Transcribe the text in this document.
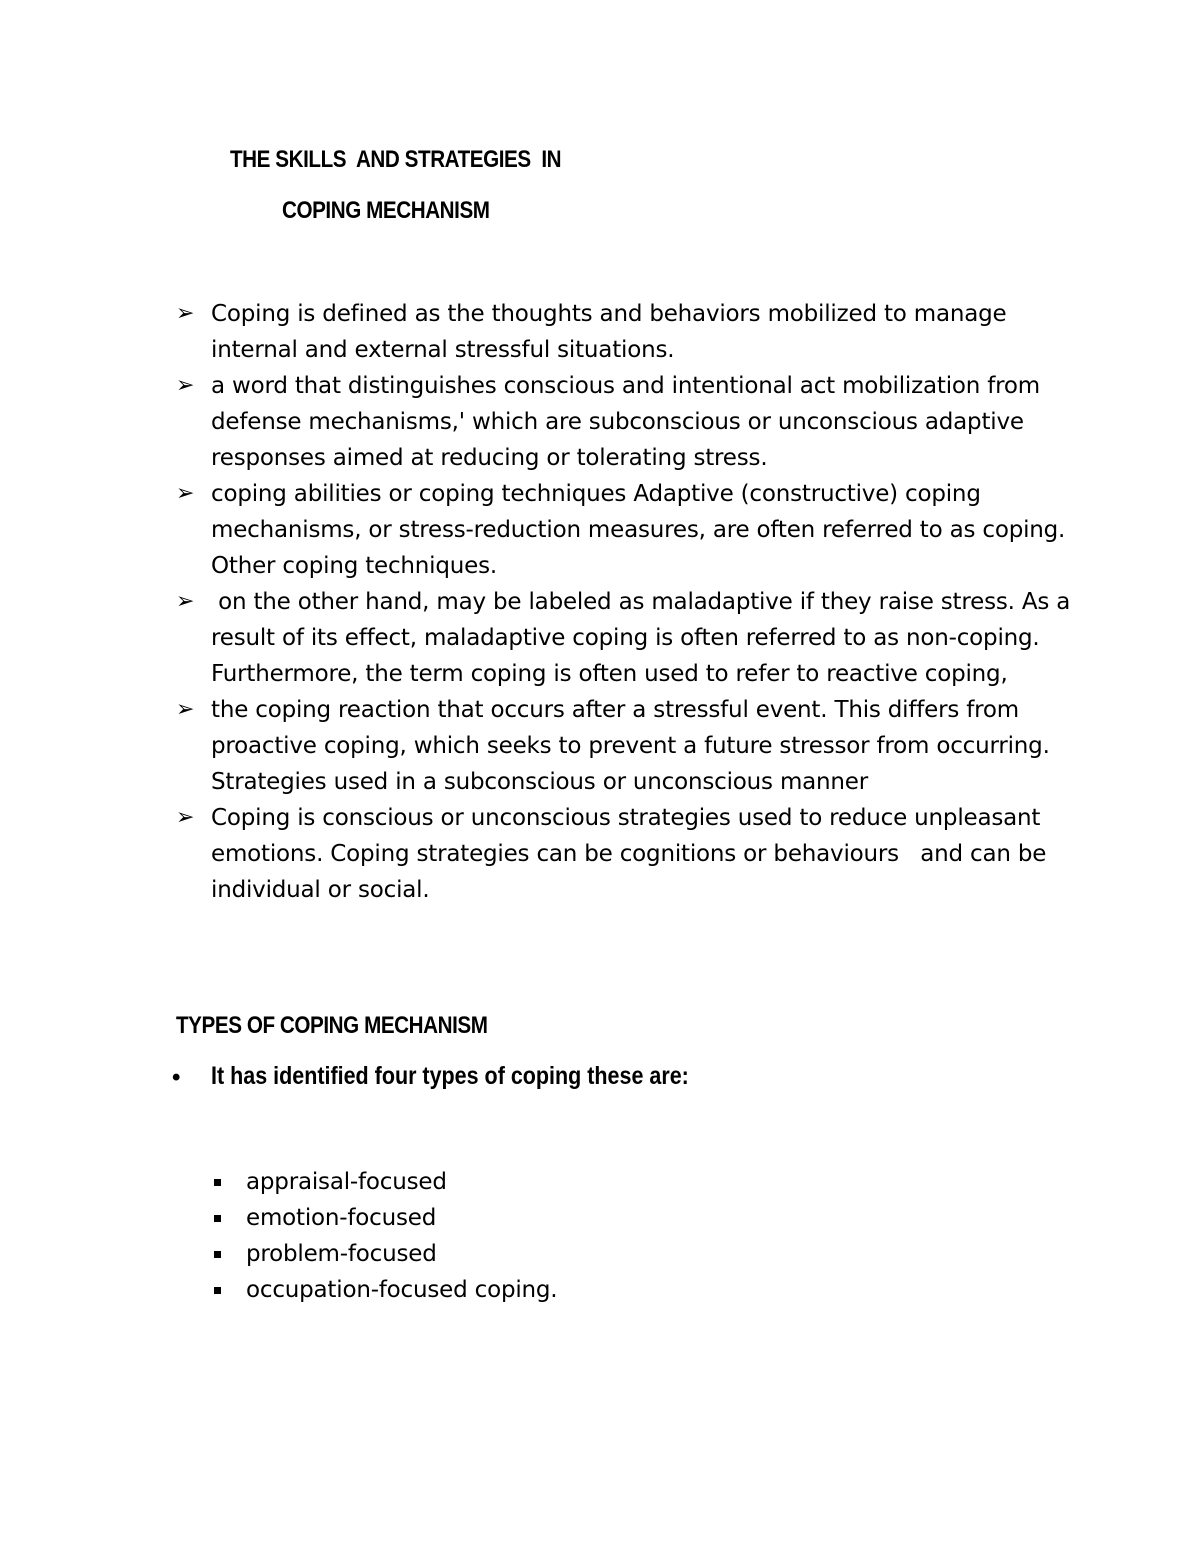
THE SKILLS  AND STRATEGIES  IN
COPING MECHANISM
➢ Coping is defined as the thoughts and behaviors mobilized to manage internal and external stressful situations.
➢ a word that distinguishes conscious and intentional act mobilization from defense mechanisms,' which are subconscious or unconscious adaptive responses aimed at reducing or tolerating stress.
➢ coping abilities or coping techniques Adaptive (constructive) coping mechanisms, or stress-reduction measures, are often referred to as coping. Other coping techniques.
➢ on the other hand, may be labeled as maladaptive if they raise stress. As a result of its effect, maladaptive coping is often referred to as non-coping. Furthermore, the term coping is often used to refer to reactive coping,
➢ the coping reaction that occurs after a stressful event. This differs from proactive coping, which seeks to prevent a future stressor from occurring. Strategies used in a subconscious or unconscious manner
➢ Coping is conscious or unconscious strategies used to reduce unpleasant emotions. Coping strategies can be cognitions or behaviours   and can be individual or social.
TYPES OF COPING MECHANISM
• It has identified four types of coping these are:
appraisal-focused
emotion-focused
problem-focused
occupation-focused coping.
